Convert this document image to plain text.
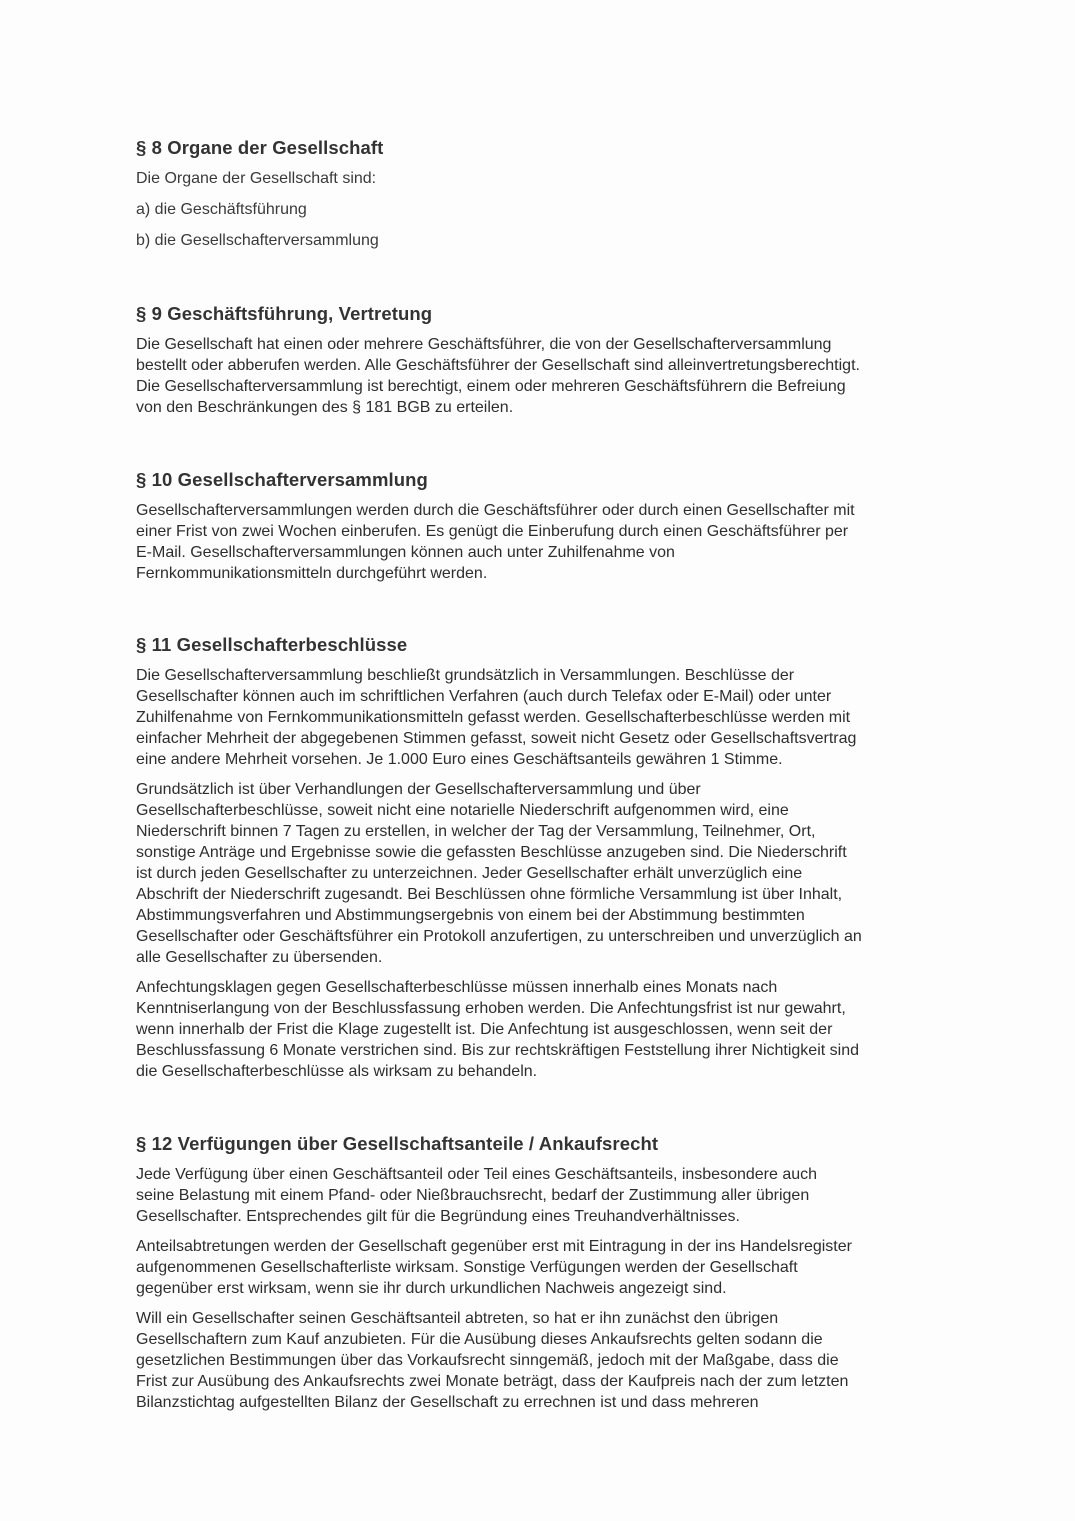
§ 8 Organe der Gesellschaft

Die Organe der Gesellschaft sind:

a) die Geschäftsführung

b) die Gesellschafterversammlung

§ 9 Geschäftsführung, Vertretung

Die Gesellschaft hat einen oder mehrere Geschäftsführer, die von der Gesellschafterversammlung
bestellt oder abberufen werden. Alle Geschäftsführer der Gesellschaft sind alleinvertretungsberechtigt.
Die Gesellschafterversammlung ist berechtigt, einem oder mehreren Geschäftsführern die Befreiung
von den Beschränkungen des § 181 BGB zu erteilen.

§ 10 Gesellschafterversammlung

Gesellschafterversammlungen werden durch die Geschäftsführer oder durch einen Gesellschafter mit
einer Frist von zwei Wochen einberufen. Es genügt die Einberufung durch einen Geschäftsführer per
E-Mail. Gesellschafterversammlungen können auch unter Zuhilfenahme von
Fernkommunikationsmitteln durchgeführt werden.

§ 11 Gesellschafterbeschlüsse

Die Gesellschafterversammlung beschließt grundsätzlich in Versammlungen. Beschlüsse der
Gesellschafter können auch im schriftlichen Verfahren (auch durch Telefax oder E-Mail) oder unter
Zuhilfenahme von Fernkommunikationsmitteln gefasst werden. Gesellschafterbeschlüsse werden mit
einfacher Mehrheit der abgegebenen Stimmen gefasst, soweit nicht Gesetz oder Gesellschaftsvertrag
eine andere Mehrheit vorsehen. Je 1.000 Euro eines Geschäftsanteils gewähren 1 Stimme.

Grundsätzlich ist über Verhandlungen der Gesellschafterversammlung und über
Gesellschafterbeschlüsse, soweit nicht eine notarielle Niederschrift aufgenommen wird, eine
Niederschrift binnen 7 Tagen zu erstellen, in welcher der Tag der Versammlung, Teilnehmer, Ort,
sonstige Anträge und Ergebnisse sowie die gefassten Beschlüsse anzugeben sind. Die Niederschrift
ist durch jeden Gesellschafter zu unterzeichnen. Jeder Gesellschafter erhält unverzüglich eine
Abschrift der Niederschrift zugesandt. Bei Beschlüssen ohne förmliche Versammlung ist über Inhalt,
Abstimmungsverfahren und Abstimmungsergebnis von einem bei der Abstimmung bestimmten
Gesellschafter oder Geschäftsführer ein Protokoll anzufertigen, zu unterschreiben und unverzüglich an
alle Gesellschafter zu übersenden.

Anfechtungsklagen gegen Gesellschafterbeschlüsse müssen innerhalb eines Monats nach
Kenntniserlangung von der Beschlussfassung erhoben werden. Die Anfechtungsfrist ist nur gewahrt,
wenn innerhalb der Frist die Klage zugestellt ist. Die Anfechtung ist ausgeschlossen, wenn seit der
Beschlussfassung 6 Monate verstrichen sind. Bis zur rechtskräftigen Feststellung ihrer Nichtigkeit sind
die Gesellschafterbeschlüsse als wirksam zu behandeln.

§ 12 Verfügungen über Gesellschaftsanteile / Ankaufsrecht

Jede Verfügung über einen Geschäftsanteil oder Teil eines Geschäftsanteils, insbesondere auch
seine Belastung mit einem Pfand- oder Nießbrauchsrecht, bedarf der Zustimmung aller übrigen
Gesellschafter. Entsprechendes gilt für die Begründung eines Treuhandverhältnisses.

Anteilsabtretungen werden der Gesellschaft gegenüber erst mit Eintragung in der ins Handelsregister
aufgenommenen Gesellschafterliste wirksam. Sonstige Verfügungen werden der Gesellschaft
gegenüber erst wirksam, wenn sie ihr durch urkundlichen Nachweis angezeigt sind.

Will ein Gesellschafter seinen Geschäftsanteil abtreten, so hat er ihn zunächst den übrigen
Gesellschaftern zum Kauf anzubieten. Für die Ausübung dieses Ankaufsrechts gelten sodann die
gesetzlichen Bestimmungen über das Vorkaufsrecht sinngemäß, jedoch mit der Maßgabe, dass die
Frist zur Ausübung des Ankaufsrechts zwei Monate beträgt, dass der Kaufpreis nach der zum letzten
Bilanzstichtag aufgestellten Bilanz der Gesellschaft zu errechnen ist und dass mehreren
